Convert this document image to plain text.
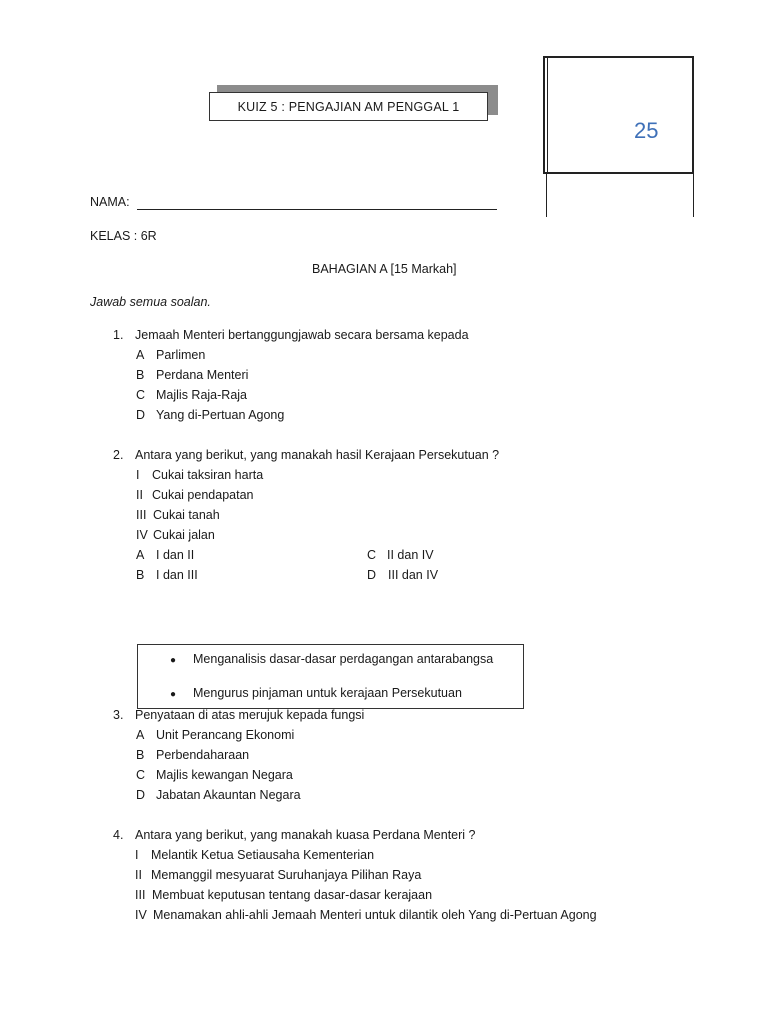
KUIZ 5 : PENGAJIAN AM PENGGAL 1
25
NAMA:
KELAS : 6R
BAHAGIAN A [15 Markah]
Jawab semua soalan.
1. Jemaah Menteri bertanggungjawab secara bersama kepada
A Parlimen
B Perdana Menteri
C Majlis Raja-Raja
D Yang di-Pertuan Agong
2. Antara yang berikut, yang manakah hasil Kerajaan Persekutuan ?
I Cukai taksiran harta
II Cukai pendapatan
III Cukai tanah
IV Cukai jalan
A I dan II
B I dan III
C II dan IV
D III dan IV
● Menganalisis dasar-dasar perdagangan antarabangsa
● Mengurus pinjaman untuk kerajaan Persekutuan
3. Penyataan di atas merujuk kepada fungsi
A Unit Perancang Ekonomi
B Perbendaharaan
C Majlis kewangan Negara
D Jabatan Akauntan Negara
4. Antara yang berikut, yang manakah kuasa Perdana Menteri ?
I Melantik Ketua Setiausaha Kementerian
II Memanggil mesyuarat Suruhanjaya Pilihan Raya
III Membuat keputusan tentang dasar-dasar kerajaan
IV Menamakan ahli-ahli Jemaah Menteri untuk dilantik oleh Yang di-Pertuan Agong
